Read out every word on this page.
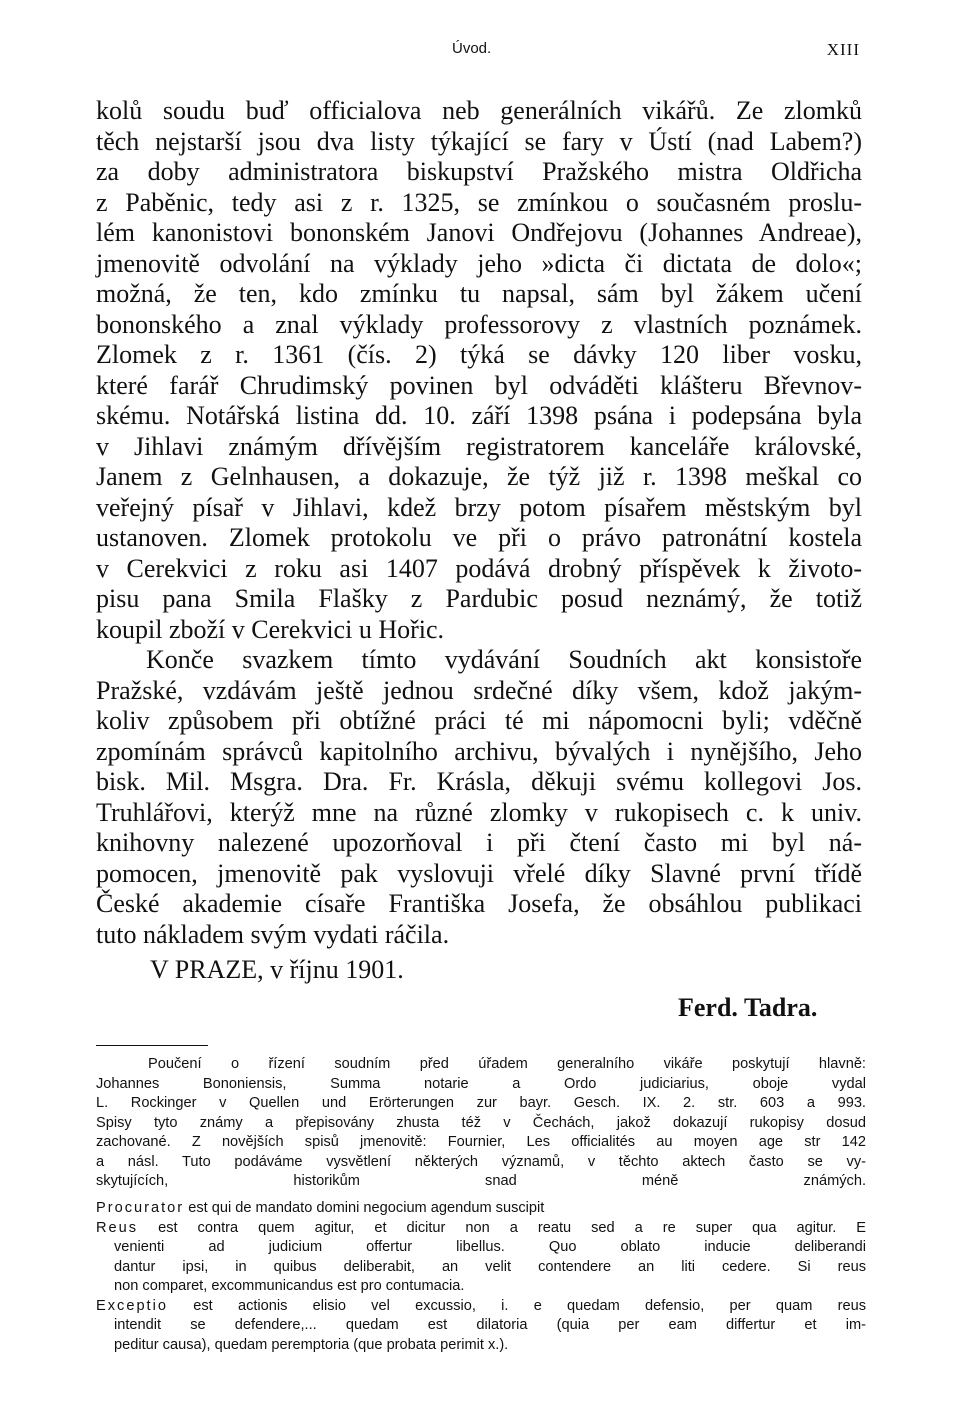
Úvod.	XIII

kolů soudu buď officialova neb generálních vikářů. Ze zlomků
těch nejstarší jsou dva listy týkající se fary v Ústí (nad Labem?)
za doby administratora biskupství Pražského mistra Oldřicha
z Paběnic, tedy asi z r. 1325, se zmínkou o současném proslu-
lém kanonistovi bononském Janovi Ondřejovu (Johannes Andreae),
jmenovitě odvolání na výklady jeho »dicta či dictata de dolo«;
možná, že ten, kdo zmínku tu napsal, sám byl žákem učení
bononského a znal výklady professorovy z vlastních poznámek.
Zlomek z r. 1361 (čís. 2) týká se dávky 120 liber vosku,
které farář Chrudimský povinen byl odváděti klášteru Břevnov-
skému. Notářská listina dd. 10. září 1398 psána i podepsána byla
v Jihlavi známým dřívějším registratorem kanceláře královské,
Janem z Gelnhausen, a dokazuje, že týž již r. 1398 meškal co
veřejný písař v Jihlavi, kdež brzy potom písařem městským byl
ustanoven. Zlomek protokolu ve při o právo patronátní kostela
v Cerekvici z roku asi 1407 podává drobný příspěvek k životo-
pisu pana Smila Flašky z Pardubic posud neznámý, že totiž
koupil zboží v Cerekvici u Hořic.

Konče svazkem tímto vydávání Soudních akt konsistoře
Pražské, vzdávám ještě jednou srdečné díky všem, kdož jakým-
koliv způsobem při obtížné práci té mi nápomocni byli; vděčně
zpomínám správců kapitolního archivu, bývalých i nynějšího, Jeho
bisk. Mil. Msgra. Dra. Fr. Krásla, děkuji svému kollegovi Jos.
Truhlářovi, kterýž mne na různé zlomky v rukopisech c. k univ.
knihovny nalezené upozorňoval i při čtení často mi byl ná-
pomocen, jmenovitě pak vyslovuji vřelé díky Slavné první třídě
České akademie císaře Františka Josefa, že obsáhlou publikaci
tuto nákladem svým vydati ráčila.

V PRAZE, v říjnu 1901.
Ferd. Tadra.
Poučení o řízení soudním před úřadem generalního vikáře poskytují hlavně:
Johannes Bononiensis, Summa notarie a Ordo judiciarius, oboje vydal
L. Rockinger v Quellen und Erörterungen zur bayr. Gesch. IX. 2. str. 603 a 993.
Spisy tyto známy a přepisovány zhusta též v Čechách, jakož dokazují rukopisy dosud
zachované. Z novějších spisů jmenovitě: Fournier, Les officialités au moyen age str 142
a násl. Tuto podáváme vysvětlení některých významů, v těchto aktech často se vy-
skytujících, historikům snad méně známých.
Procurator est qui de mandato domini negocium agendum suscipit
Reus est contra quem agitur, et dicitur non a reatu sed a re super qua agitur. E
venienti ad judicium offertur libellus. Quo oblato inducie deliberandi
dantur ipsi, in quibus deliberabit, an velit contendere an liti cedere. Si reus
non comparet, excommunicandus est pro contumacia.
Exceptio est actionis elisio vel excussio, i. e quedam defensio, per quam reus
intendit se defendere,... quedam est dilatoria (quia per eam differtur et im-
peditur causa), quedam peremptoria (que probata perimit x.).
